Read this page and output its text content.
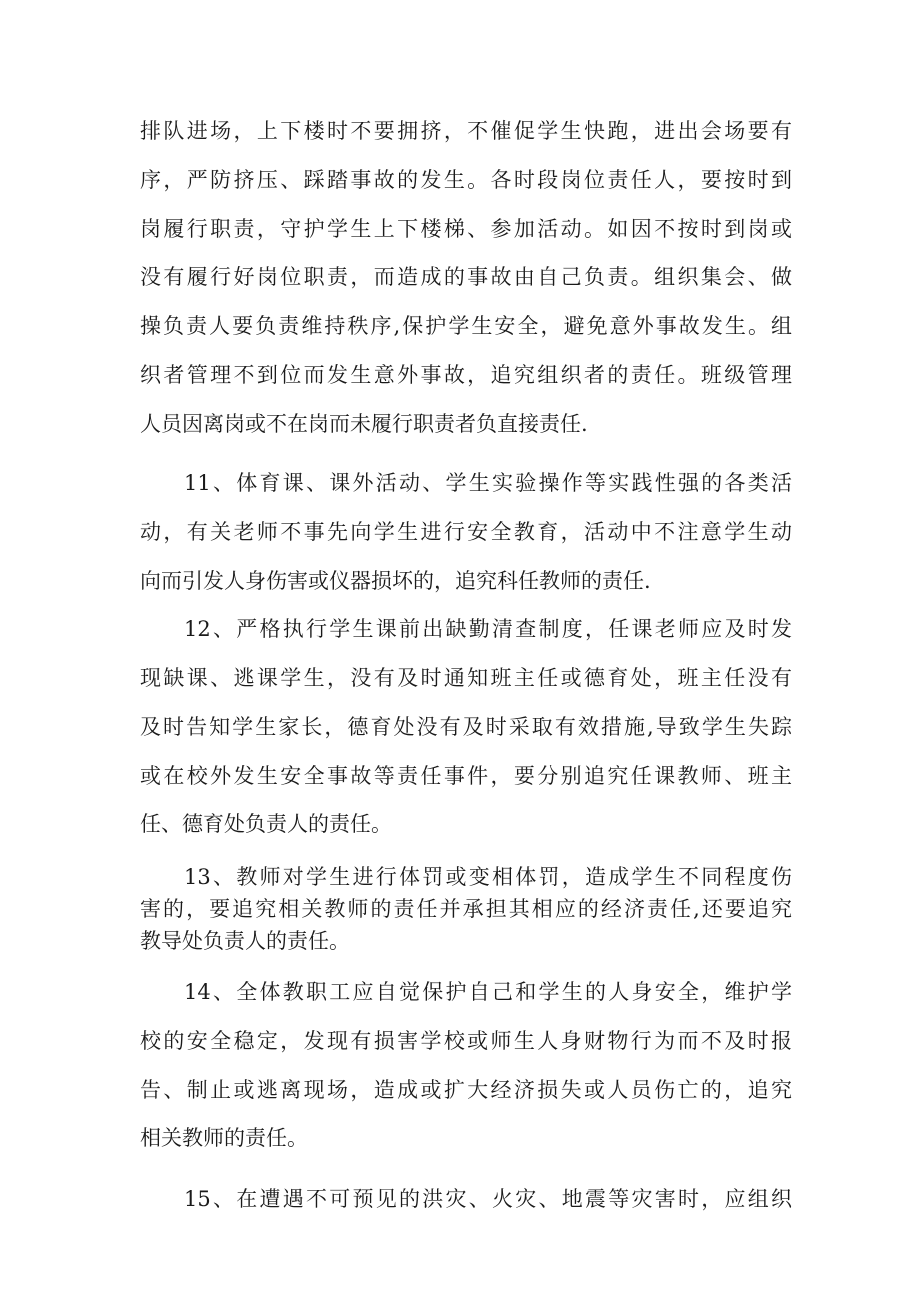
排队进场，上下楼时不要拥挤，不催促学生快跑，进出会场要有

序，严防挤压、踩踏事故的发生。各时段岗位责任人，要按时到

岗履行职责，守护学生上下楼梯、参加活动。如因不按时到岗或

没有履行好岗位职责，而造成的事故由自己负责。组织集会、做

操负责人要负责维持秩序,保护学生安全，避免意外事故发生。组

织者管理不到位而发生意外事故，追究组织者的责任。班级管理

人员因离岗或不在岗而未履行职责者负直接责任.

11、体育课、课外活动、学生实验操作等实践性强的各类活

动，有关老师不事先向学生进行安全教育，活动中不注意学生动

向而引发人身伤害或仪器损坏的，追究科任教师的责任.

12、严格执行学生课前出缺勤清查制度，任课老师应及时发

现缺课、逃课学生，没有及时通知班主任或德育处，班主任没有

及时告知学生家长，德育处没有及时采取有效措施,导致学生失踪

或在校外发生安全事故等责任事件，要分别追究任课教师、班主

任、德育处负责人的责任。

13、教师对学生进行体罚或变相体罚，造成学生不同程度伤

害的，要追究相关教师的责任并承担其相应的经济责任,还要追究

教导处负责人的责任。

14、全体教职工应自觉保护自己和学生的人身安全，维护学

校的安全稳定，发现有损害学校或师生人身财物行为而不及时报

告、制止或逃离现场，造成或扩大经济损失或人员伤亡的，追究

相关教师的责任。

15、在遭遇不可预见的洪灾、火灾、地震等灾害时，应组织
